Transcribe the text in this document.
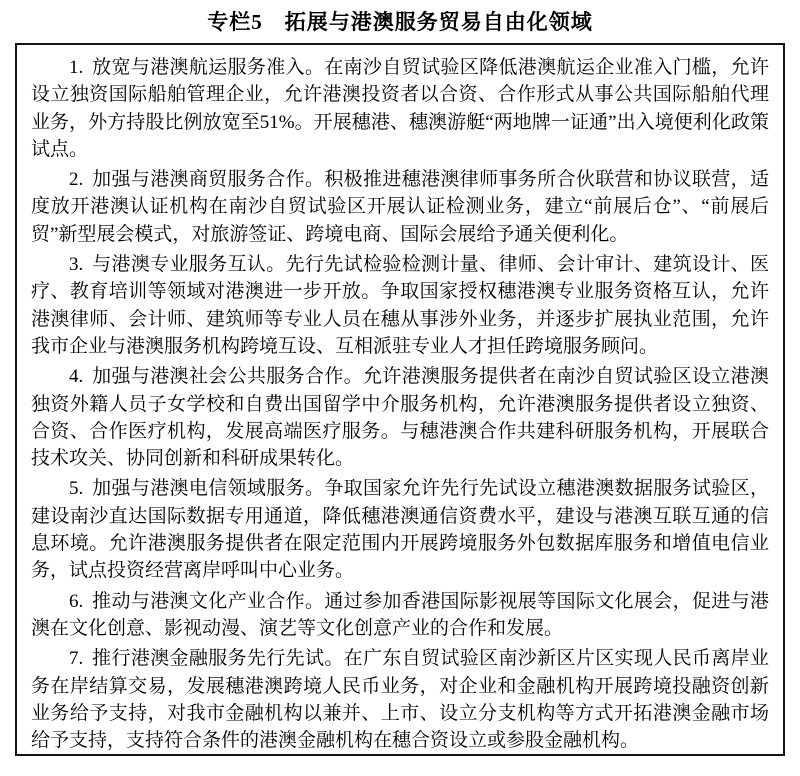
专栏5　拓展与港澳服务贸易自由化领域

1. 放宽与港澳航运服务准入。在南沙自贸试验区降低港澳航运企业准入门槛，允许设立独资国际船舶管理企业，允许港澳投资者以合资、合作形式从事公共国际船舶代理业务，外方持股比例放宽至51%。开展穗港、穗澳游艇“两地牌一证通”出入境便利化政策试点。

2. 加强与港澳商贸服务合作。积极推进穗港澳律师事务所合伙联营和协议联营，适度放开港澳认证机构在南沙自贸试验区开展认证检测业务，建立“前展后仓”、“前展后贸”新型展会模式，对旅游签证、跨境电商、国际会展给予通关便利化。

3. 与港澳专业服务互认。先行先试检验检测计量、律师、会计审计、建筑设计、医疗、教育培训等领域对港澳进一步开放。争取国家授权穗港澳专业服务资格互认，允许港澳律师、会计师、建筑师等专业人员在穗从事涉外业务，并逐步扩展执业范围，允许我市企业与港澳服务机构跨境互设、互相派驻专业人才担任跨境服务顾问。

4. 加强与港澳社会公共服务合作。允许港澳服务提供者在南沙自贸试验区设立港澳独资外籍人员子女学校和自费出国留学中介服务机构，允许港澳服务提供者设立独资、合资、合作医疗机构，发展高端医疗服务。与穗港澳合作共建科研服务机构，开展联合技术攻关、协同创新和科研成果转化。

5. 加强与港澳电信领域服务。争取国家允许先行先试设立穗港澳数据服务试验区，建设南沙直达国际数据专用通道，降低穗港澳通信资费水平，建设与港澳互联互通的信息环境。允许港澳服务提供者在限定范围内开展跨境服务外包数据库服务和增值电信业务，试点投资经营离岸呼叫中心业务。

6. 推动与港澳文化产业合作。通过参加香港国际影视展等国际文化展会，促进与港澳在文化创意、影视动漫、演艺等文化创意产业的合作和发展。

7. 推行港澳金融服务先行先试。在广东自贸试验区南沙新区片区实现人民币离岸业务在岸结算交易，发展穗港澳跨境人民币业务，对企业和金融机构开展跨境投融资创新业务给予支持，对我市金融机构以兼并、上市、设立分支机构等方式开拓港澳金融市场给予支持，支持符合条件的港澳金融机构在穗合资设立或参股金融机构。
